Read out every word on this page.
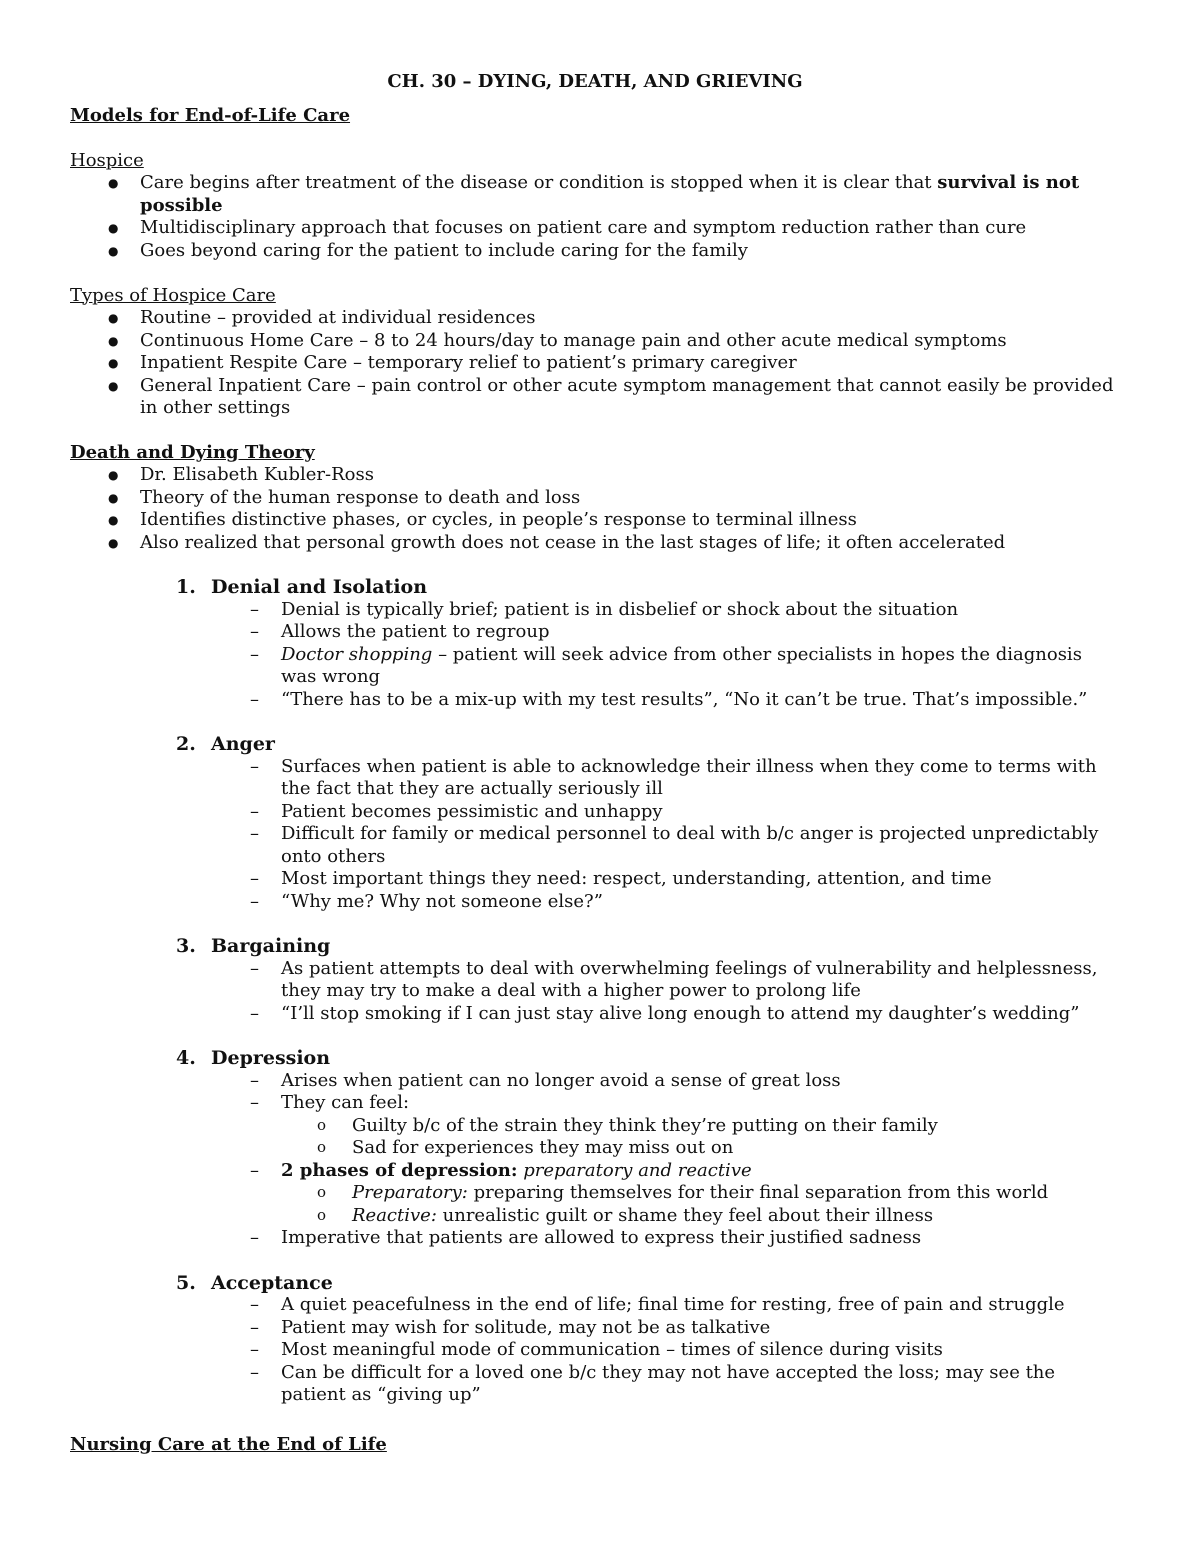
CH. 30 – DYING, DEATH, AND GRIEVING
Models for End-of-Life Care
Hospice
● Care begins after treatment of the disease or condition is stopped when it is clear that survival is not possible
● Multidisciplinary approach that focuses on patient care and symptom reduction rather than cure
● Goes beyond caring for the patient to include caring for the family
Types of Hospice Care
● Routine – provided at individual residences
● Continuous Home Care – 8 to 24 hours/day to manage pain and other acute medical symptoms
● Inpatient Respite Care – temporary relief to patient’s primary caregiver
● General Inpatient Care – pain control or other acute symptom management that cannot easily be provided in other settings
Death and Dying Theory
● Dr. Elisabeth Kubler-Ross
● Theory of the human response to death and loss
● Identifies distinctive phases, or cycles, in people’s response to terminal illness
● Also realized that personal growth does not cease in the last stages of life; it often accelerated
1. Denial and Isolation
– Denial is typically brief; patient is in disbelief or shock about the situation
– Allows the patient to regroup
– Doctor shopping – patient will seek advice from other specialists in hopes the diagnosis was wrong
– “There has to be a mix-up with my test results”, “No it can’t be true. That’s impossible.”
2. Anger
– Surfaces when patient is able to acknowledge their illness when they come to terms with the fact that they are actually seriously ill
– Patient becomes pessimistic and unhappy
– Difficult for family or medical personnel to deal with b/c anger is projected unpredictably onto others
– Most important things they need: respect, understanding, attention, and time
– “Why me? Why not someone else?”
3. Bargaining
– As patient attempts to deal with overwhelming feelings of vulnerability and helplessness, they may try to make a deal with a higher power to prolong life
– “I’ll stop smoking if I can just stay alive long enough to attend my daughter’s wedding”
4. Depression
– Arises when patient can no longer avoid a sense of great loss
– They can feel:
o Guilty b/c of the strain they think they’re putting on their family
o Sad for experiences they may miss out on
– 2 phases of depression: preparatory and reactive
o Preparatory: preparing themselves for their final separation from this world
o Reactive: unrealistic guilt or shame they feel about their illness
– Imperative that patients are allowed to express their justified sadness
5. Acceptance
– A quiet peacefulness in the end of life; final time for resting, free of pain and struggle
– Patient may wish for solitude, may not be as talkative
– Most meaningful mode of communication – times of silence during visits
– Can be difficult for a loved one b/c they may not have accepted the loss; may see the patient as “giving up”
Nursing Care at the End of Life
